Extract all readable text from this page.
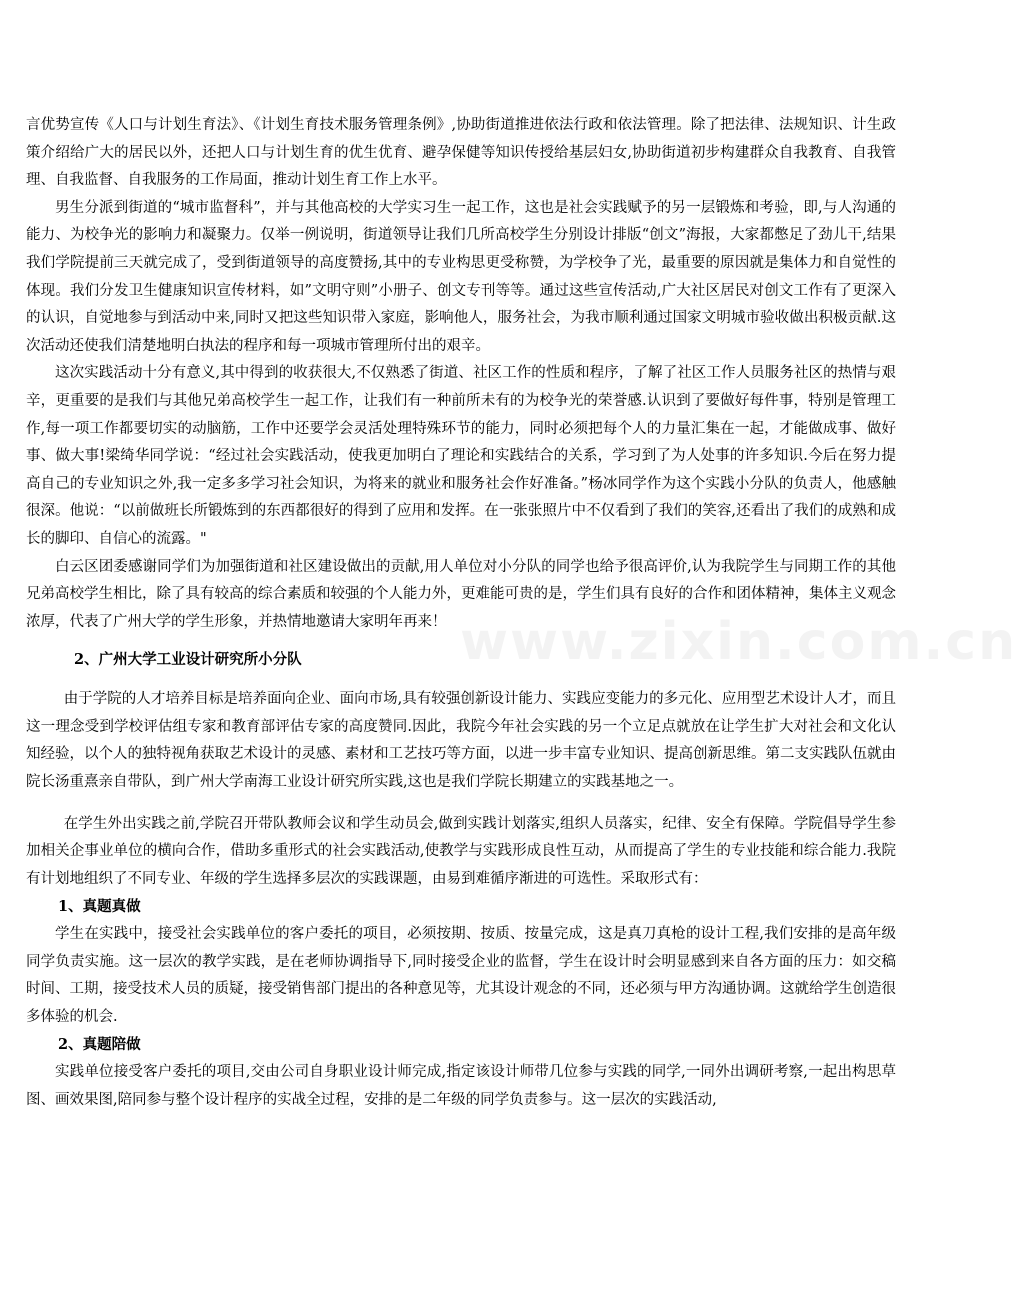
www.zixin.com.cn

言优势宣传《人口与计划生育法》、《计划生育技术服务管理条例》,协助街道推进依法行政和依法管理。除了把法律、法规知识、计生政策介绍给广大的居民以外，还把人口与计划生育的优生优育、避孕保健等知识传授给基层妇女,协助街道初步构建群众自我教育、自我管理、自我监督、自我服务的工作局面，推动计划生育工作上水平。

男生分派到街道的“城市监督科”，并与其他高校的大学实习生一起工作，这也是社会实践赋予的另一层锻炼和考验，即,与人沟通的能力、为校争光的影响力和凝聚力。仅举一例说明，街道领导让我们几所高校学生分别设计排版“创文”海报，大家都憋足了劲儿干,结果我们学院提前三天就完成了，受到街道领导的高度赞扬,其中的专业构思更受称赞，为学校争了光，最重要的原因就是集体力和自觉性的体现。我们分发卫生健康知识宣传材料，如”文明守则”小册子、创文专刊等等。通过这些宣传活动,广大社区居民对创文工作有了更深入的认识，自觉地参与到活动中来,同时又把这些知识带入家庭，影响他人，服务社会，为我市顺利通过国家文明城市验收做出积极贡献.这次活动还使我们清楚地明白执法的程序和每一项城市管理所付出的艰辛。

这次实践活动十分有意义,其中得到的收获很大,不仅熟悉了街道、社区工作的性质和程序，了解了社区工作人员服务社区的热情与艰辛，更重要的是我们与其他兄弟高校学生一起工作，让我们有一种前所未有的为校争光的荣誉感.认识到了要做好每件事，特别是管理工作,每一项工作都要切实的动脑筋，工作中还要学会灵活处理特殊环节的能力，同时必须把每个人的力量汇集在一起，才能做成事、做好事、做大事!梁绮华同学说：“经过社会实践活动，使我更加明白了理论和实践结合的关系，学习到了为人处事的许多知识.今后在努力提高自己的专业知识之外,我一定多多学习社会知识，为将来的就业和服务社会作好准备。”杨冰同学作为这个实践小分队的负责人，他感触很深。他说：“以前做班长所锻炼到的东西都很好的得到了应用和发挥。在一张张照片中不仅看到了我们的笑容,还看出了我们的成熟和成长的脚印、自信心的流露。"

白云区团委感谢同学们为加强街道和社区建设做出的贡献,用人单位对小分队的同学也给予很高评价,认为我院学生与同期工作的其他兄弟高校学生相比，除了具有较高的综合素质和较强的个人能力外，更难能可贵的是，学生们具有良好的合作和团体精神，集体主义观念浓厚，代表了广州大学的学生形象，并热情地邀请大家明年再来！

2、广州大学工业设计研究所小分队

由于学院的人才培养目标是培养面向企业、面向市场,具有较强创新设计能力、实践应变能力的多元化、应用型艺术设计人才，而且这一理念受到学校评估组专家和教育部评估专家的高度赞同.因此，我院今年社会实践的另一个立足点就放在让学生扩大对社会和文化认知经验，以个人的独特视角获取艺术设计的灵感、素材和工艺技巧等方面，以进一步丰富专业知识、提高创新思维。第二支实践队伍就由院长汤重熹亲自带队，到广州大学南海工业设计研究所实践,这也是我们学院长期建立的实践基地之一。

在学生外出实践之前,学院召开带队教师会议和学生动员会,做到实践计划落实,组织人员落实，纪律、安全有保障。学院倡导学生参加相关企事业单位的横向合作，借助多重形式的社会实践活动,使教学与实践形成良性互动，从而提高了学生的专业技能和综合能力.我院有计划地组织了不同专业、年级的学生选择多层次的实践课题，由易到难循序渐进的可选性。采取形式有：

1、真题真做

学生在实践中，接受社会实践单位的客户委托的项目，必须按期、按质、按量完成，这是真刀真枪的设计工程,我们安排的是高年级同学负责实施。这一层次的教学实践，是在老师协调指导下,同时接受企业的监督，学生在设计时会明显感到来自各方面的压力：如交稿时间、工期，接受技术人员的质疑，接受销售部门提出的各种意见等，尤其设计观念的不同，还必须与甲方沟通协调。这就给学生创造很多体验的机会.

2、真题陪做

实践单位接受客户委托的项目,交由公司自身职业设计师完成,指定该设计师带几位参与实践的同学,一同外出调研考察,一起出构思草图、画效果图,陪同参与整个设计程序的实战全过程，安排的是二年级的同学负责参与。这一层次的实践活动,
